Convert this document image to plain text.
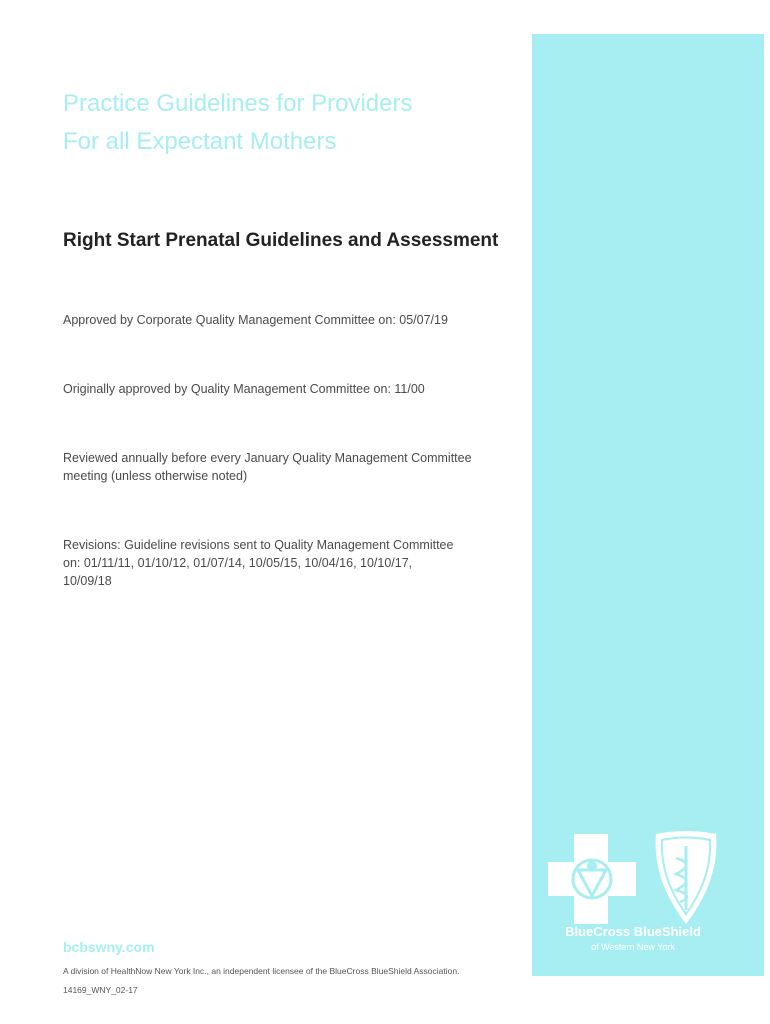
Practice Guidelines for Providers
For all Expectant Mothers
Right Start Prenatal Guidelines and Assessment

Approved by Corporate Quality Management Committee on: 05/07/19

Originally approved by Quality Management Committee on: 11/00

Reviewed annually before every January Quality Management Committee meeting (unless otherwise noted)

Revisions: Guideline revisions sent to Quality Management Committee on: 01/11/11, 01/10/12, 01/07/14, 10/05/15, 10/04/16, 10/10/17, 10/09/18

BlueCross BlueShield
of Western New York
bcbswny.com
A division of HealthNow New York Inc., an independent licensee of the BlueCross BlueShield Association.
14169_WNY_02-17
